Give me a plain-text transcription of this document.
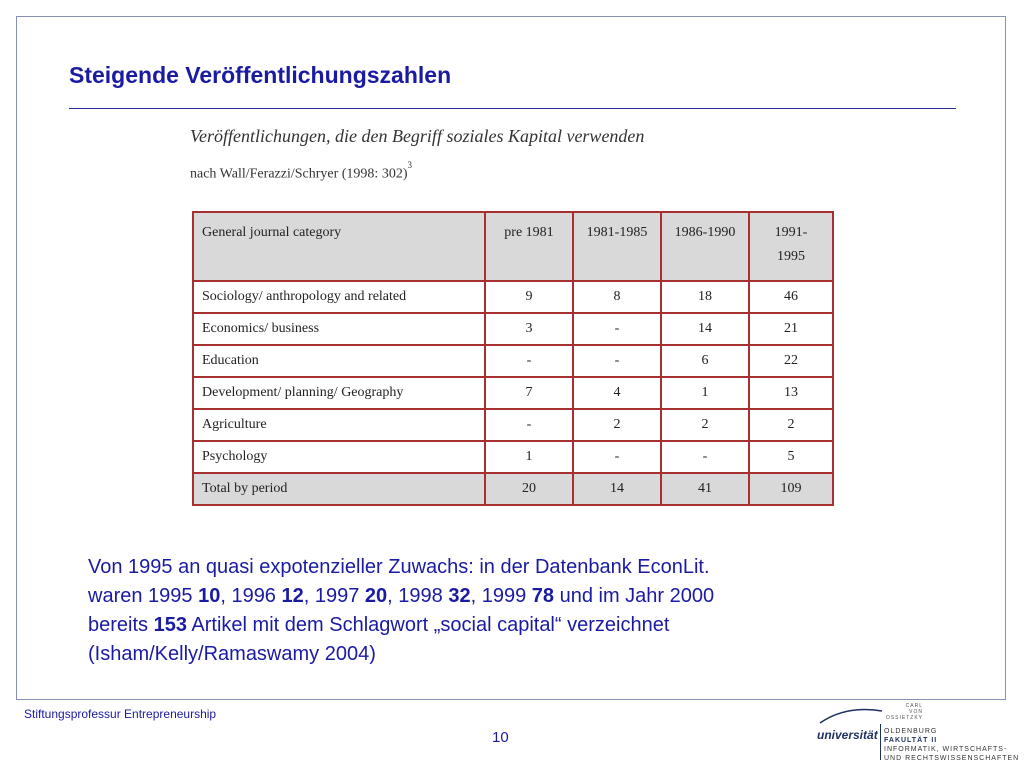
Steigende Veröffentlichungszahlen
Veröffentlichungen, die den Begriff soziales Kapital verwenden
nach Wall/Ferazzi/Schryer (1998: 302)$^3$
General journal category	pre 1981	1981-1985	1986-1990	1991-
1995
Sociology/ anthropology and related	9	8	18	46
Economics/ business	3	-	14	21
Education	-	-	6	22
Development/ planning/ Geography	7	4	1	13
Agriculture	-	2	2	2
Psychology	1	-	-	5
Total by period	20	14	41	109

Von 1995 an quasi expotenzieller Zuwachs: in der Datenbank EconLit.
waren 1995 10, 1996 12, 1997 20, 1998 32, 1999 78 und im Jahr 2000
bereits 153 Artikel mit dem Schlagwort „social capital“ verzeichnet
(Isham/Kelly/Ramaswamy 2004)

Stiftungsprofessur Entrepreneurship
10
CARL
VON
OSSIETZKY
universität OLDENBURG
FAKULTÄT II
INFORMATIK, WIRTSCHAFTS-
UND RECHTSWISSENSCHAFTEN
